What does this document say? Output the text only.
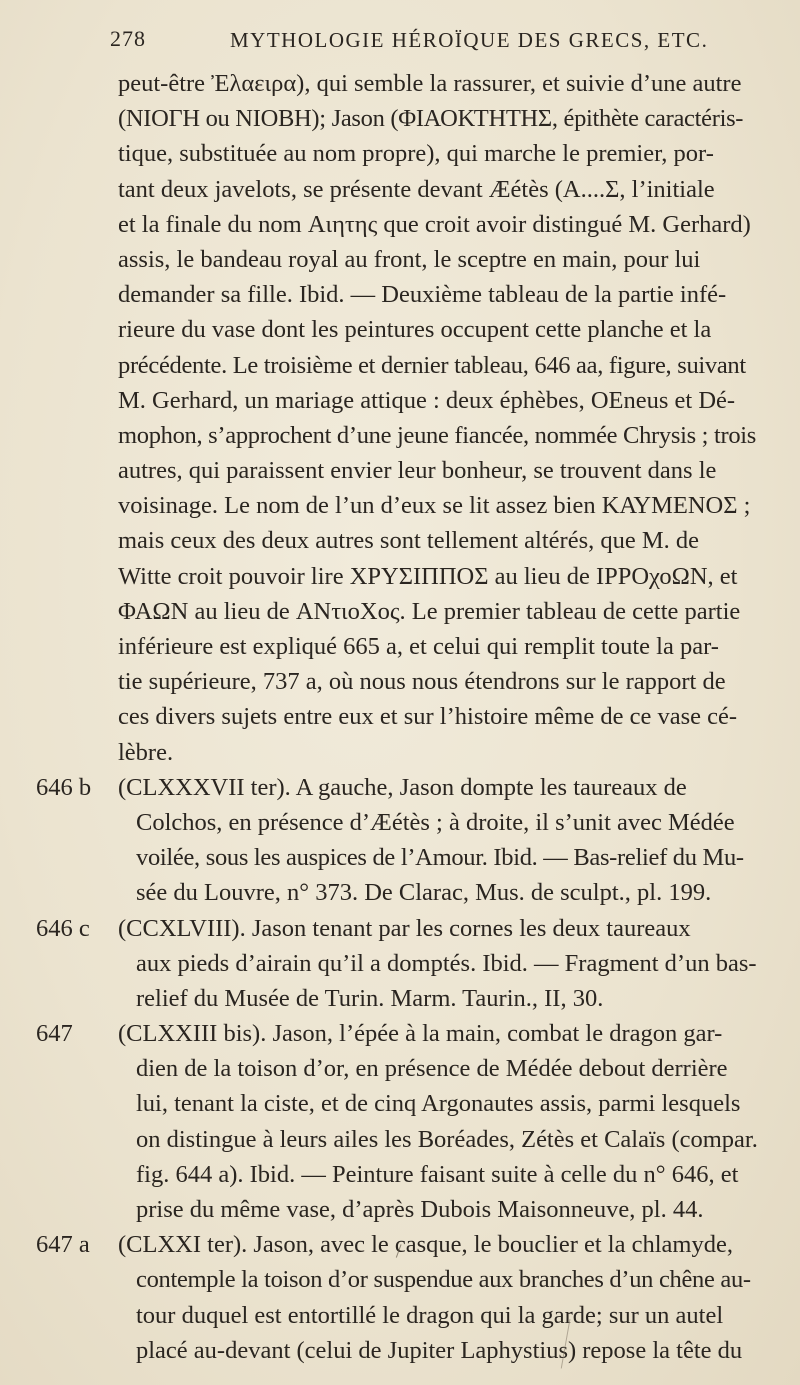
278	MYTHOLOGIE HÉROÏQUE DES GRECS, ETC.
peut-être Ἐλαειρα), qui semble la rassurer, et suivie d’une autre
(ΝΙΟΓΗ ou ΝΙΟΒΗ); Jason (ΦΙΑΟΚΤΗΤΗΣ, épithète caractéris-
tique, substituée au nom propre), qui marche le premier, por-
tant deux javelots, se présente devant Æétès (A....Σ, l’initiale
et la finale du nom Αιητης que croit avoir distingué M. Gerhard)
assis, le bandeau royal au front, le sceptre en main, pour lui
demander sa fille. Ibid. — Deuxième tableau de la partie infé-
rieure du vase dont les peintures occupent cette planche et la
précédente. Le troisième et dernier tableau, 646 aa, figure, suivant
M. Gerhard, un mariage attique : deux éphèbes, OEneus et Dé-
mophon, s’approchent d’une jeune fiancée, nommée Chrysis ; trois
autres, qui paraissent envier leur bonheur, se trouvent dans le
voisinage. Le nom de l’un d’eux se lit assez bien ΚΑΥΜΕΝΟΣ ;
mais ceux des deux autres sont tellement altérés, que M. de
Witte croit pouvoir lire ΧΡΥΣΙΠΠΟΣ au lieu de ΙΡΡΟχοΩΝ, et
ΦΑΩΝ au lieu de ΑΝτιοΧος. Le premier tableau de cette partie
inférieure est expliqué 665 a, et celui qui remplit toute la par-
tie supérieure, 737 a, où nous nous étendrons sur le rapport de
ces divers sujets entre eux et sur l’histoire même de ce vase cé-
lèbre.
646 b (CLXXXVII ter). A gauche, Jason dompte les taureaux de
Colchos, en présence d’Æétès ; à droite, il s’unit avec Médée
voilée, sous les auspices de l’Amour. Ibid. — Bas-relief du Mu-
sée du Louvre, n° 373. De Clarac, Mus. de sculpt., pl. 199.
646 c (CCXLVIII). Jason tenant par les cornes les deux taureaux
aux pieds d’airain qu’il a domptés. Ibid. — Fragment d’un bas-
relief du Musée de Turin. Marm. Taurin., II, 30.
647 (CLXXIII bis). Jason, l’épée à la main, combat le dragon gar-
dien de la toison d’or, en présence de Médée debout derrière
lui, tenant la ciste, et de cinq Argonautes assis, parmi lesquels
on distingue à leurs ailes les Boréades, Zétès et Calaïs (compar.
fig. 644 a). Ibid. — Peinture faisant suite à celle du n° 646, et
prise du même vase, d’après Dubois Maisonneuve, pl. 44.
647 a (CLXXI ter). Jason, avec le casque, le bouclier et la chlamyde,
contemple la toison d’or suspendue aux branches d’un chêne au-
tour duquel est entortillé le dragon qui la garde; sur un autel
placé au-devant (celui de Jupiter Laphystius) repose la tête du
